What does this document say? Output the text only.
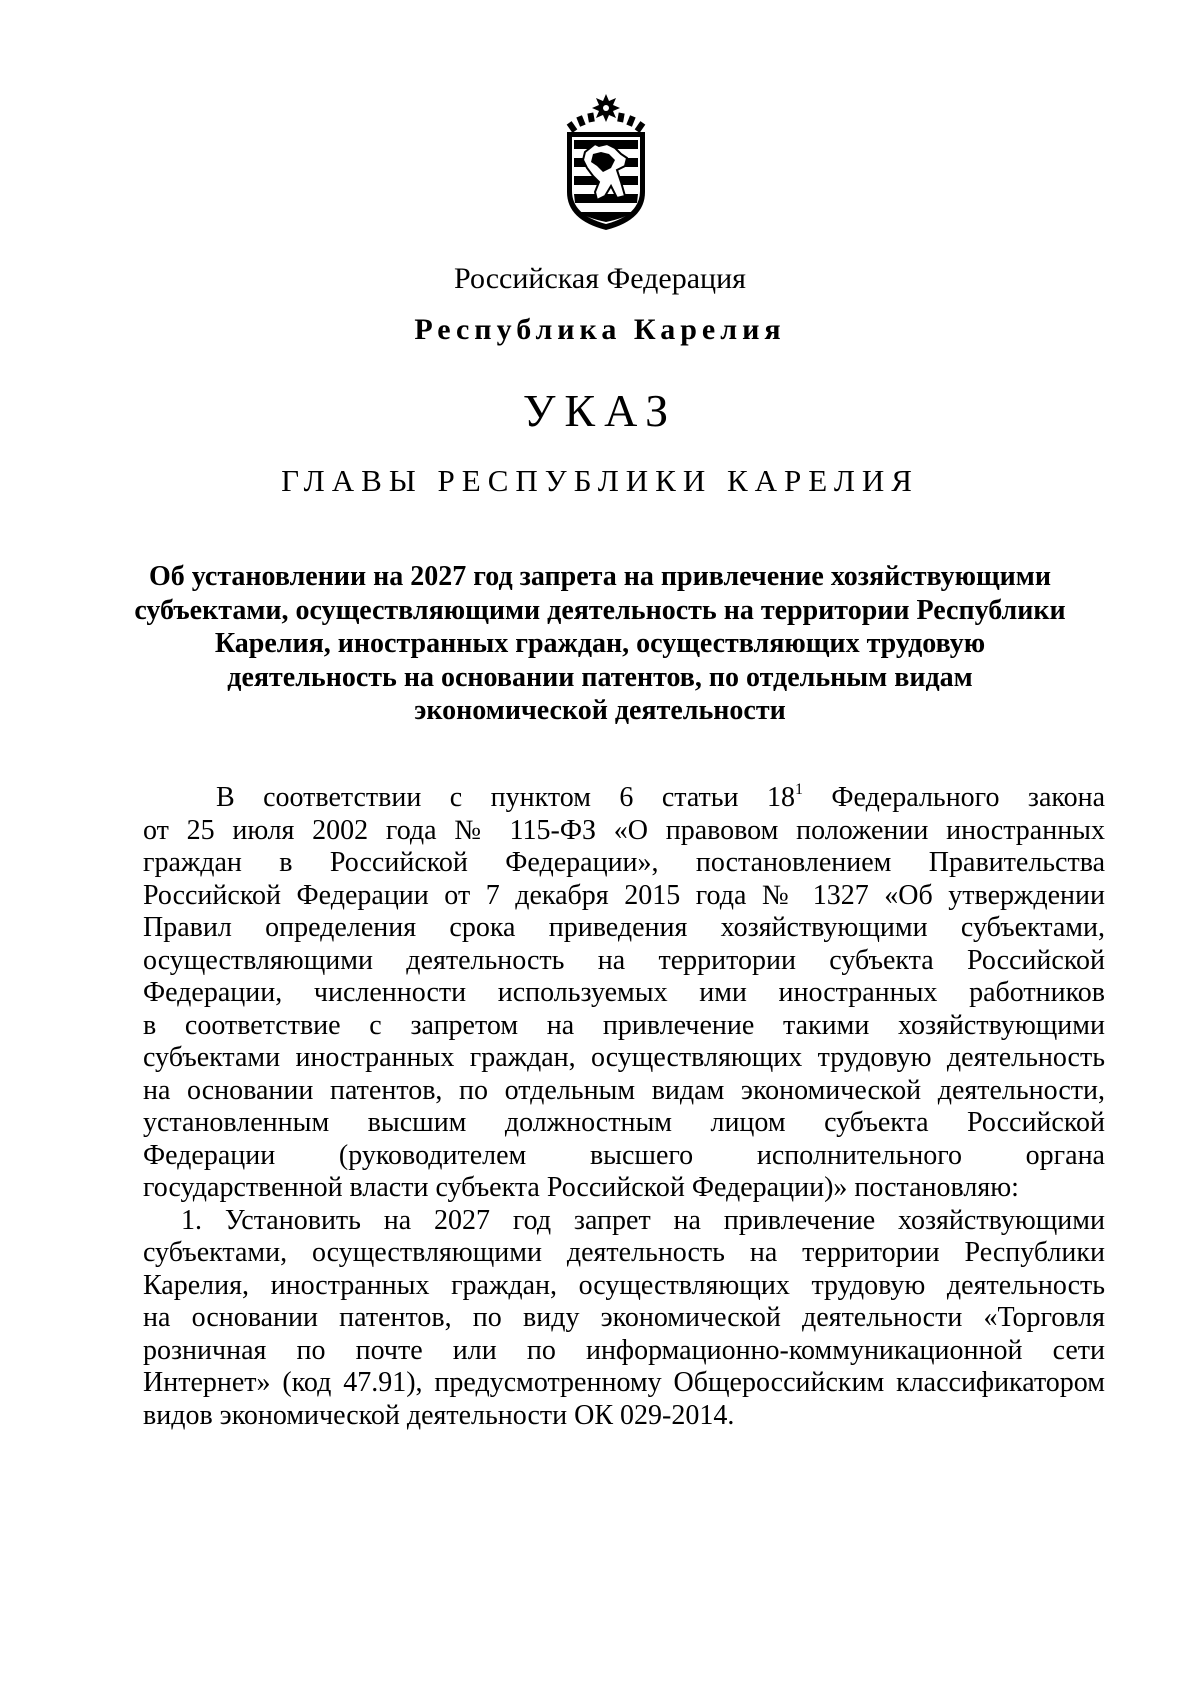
Российская Федерация
Республика Карелия
УКАЗ
ГЛАВЫ РЕСПУБЛИКИ КАРЕЛИЯ
Об установлении на 2027 год запрета на привлечение хозяйствующими
субъектами, осуществляющими деятельность на территории Республики
Карелия, иностранных граждан, осуществляющих трудовую
деятельность на основании патентов, по отдельным видам
экономической деятельности
В соответствии с пунктом 6 статьи $18^1$ Федерального закона
от 25 июля 2002 года № 115-ФЗ «О правовом положении иностранных
граждан в Российской Федерации», постановлением Правительства
Российской Федерации от 7 декабря 2015 года № 1327 «Об утверждении
Правил определения срока приведения хозяйствующими субъектами,
осуществляющими деятельность на территории субъекта Российской
Федерации, численности используемых ими иностранных работников
в соответствие с запретом на привлечение такими хозяйствующими
субъектами иностранных граждан, осуществляющих трудовую деятельность
на основании патентов, по отдельным видам экономической деятельности,
установленным высшим должностным лицом субъекта Российской
Федерации (руководителем высшего исполнительного органа
государственной власти субъекта Российской Федерации)» постановляю:
1. Установить на 2027 год запрет на привлечение хозяйствующими
субъектами, осуществляющими деятельность на территории Республики
Карелия, иностранных граждан, осуществляющих трудовую деятельность
на основании патентов, по виду экономической деятельности «Торговля
розничная по почте или по информационно-коммуникационной сети
Интернет» (код 47.91), предусмотренному Общероссийским классификатором
видов экономической деятельности ОК 029-2014.
